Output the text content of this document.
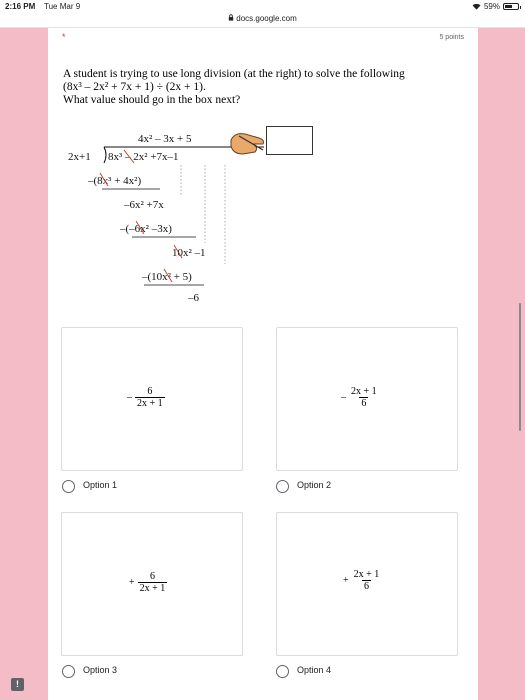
2:16 PM Tue Mar 9	59%
docs.google.com
*	5 points
A student is trying to use long division (at the right) to solve the following
(8x³ – 2x² + 7x + 1) ÷ (2x + 1).
What value should go in the box next?
4x² – 3x + 5
2x+1 8x³ – 2x² +7x–1
–(8x³ + 4x²)
–6x² +7x
–(–6x² –3x)
10x² –1
–(10x² + 5)
–6
– $\frac{6}{2x + 1}$
Option 1
– $\frac{2x + 1}{6}$
Option 2
+ $\frac{6}{2x + 1}$
Option 3
+ $\frac{2x + 1}{6}$
Option 4
!
